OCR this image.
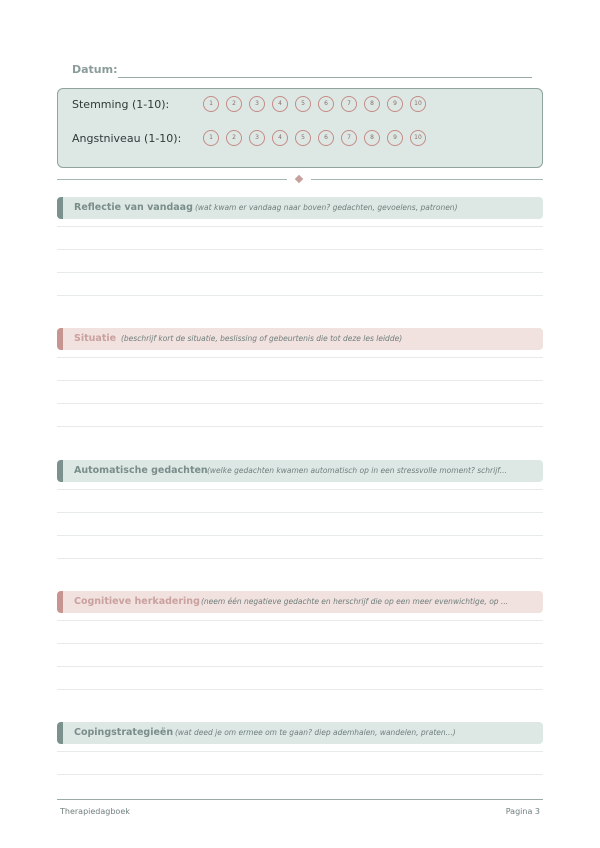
Datum:
Stemming (1-10):	1	2	3	4	5	6	7	8	9	10
Angstniveau (1-10):	1	2	3	4	5	6	7	8	9	10
Reflectie van vandaag (wat kwam er vandaag naar boven? gedachten, gevoelens, patronen)
Situatie (beschrijf kort de situatie, beslissing of gebeurtenis die tot deze les leidde)
Automatische gedachten (welke gedachten kwamen automatisch op in een stressvolle moment? schrijf...
Cognitieve herkadering (neem één negatieve gedachte en herschrijf die op een meer evenwichtige, op ...
Copingstrategieën (wat deed je om ermee om te gaan? diep ademhalen, wandelen, praten...)
Therapiedagboek	Pagina 3
